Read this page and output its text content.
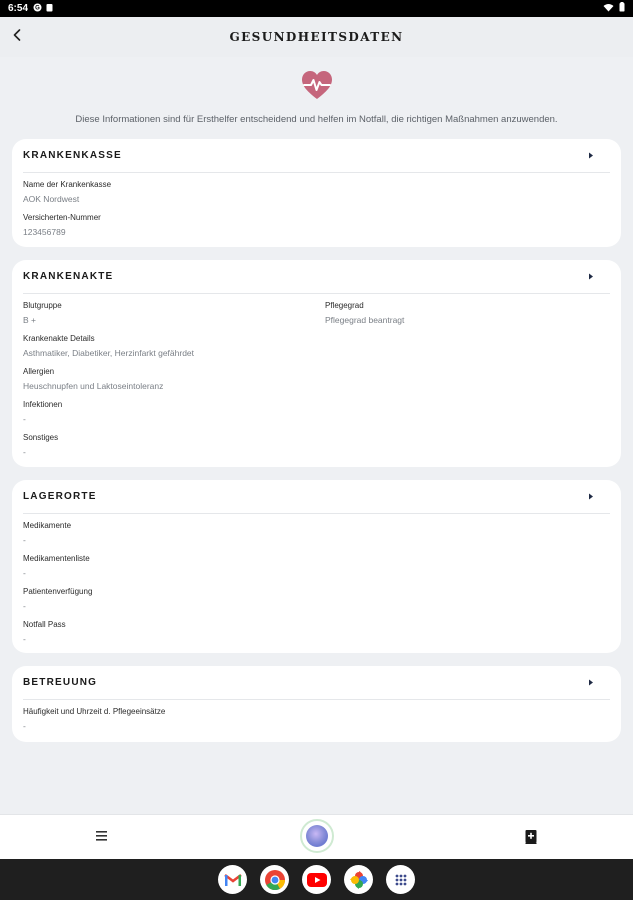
6:54 G
GESUNDHEITSDATEN
Diese Informationen sind für Ersthelfer entscheidend und helfen im Notfall, die richtigen Maßnahmen anzuwenden.
KRANKENKASSE
Name der Krankenkasse
AOK Nordwest
Versicherten-Nummer
123456789
KRANKENAKTE
Blutgruppe
B +
Pflegegrad
Pflegegrad beantragt
Krankenakte Details
Asthmatiker, Diabetiker, Herzinfarkt gefährdet
Allergien
Heuschnupfen und Laktoseintoleranz
Infektionen
-
Sonstiges
-
LAGERORTE
Medikamente
-
Medikamentenliste
-
Patientenverfügung
-
Notfall Pass
-
BETREUUNG
Häufigkeit und Uhrzeit d. Pflegeeinsätze
-
